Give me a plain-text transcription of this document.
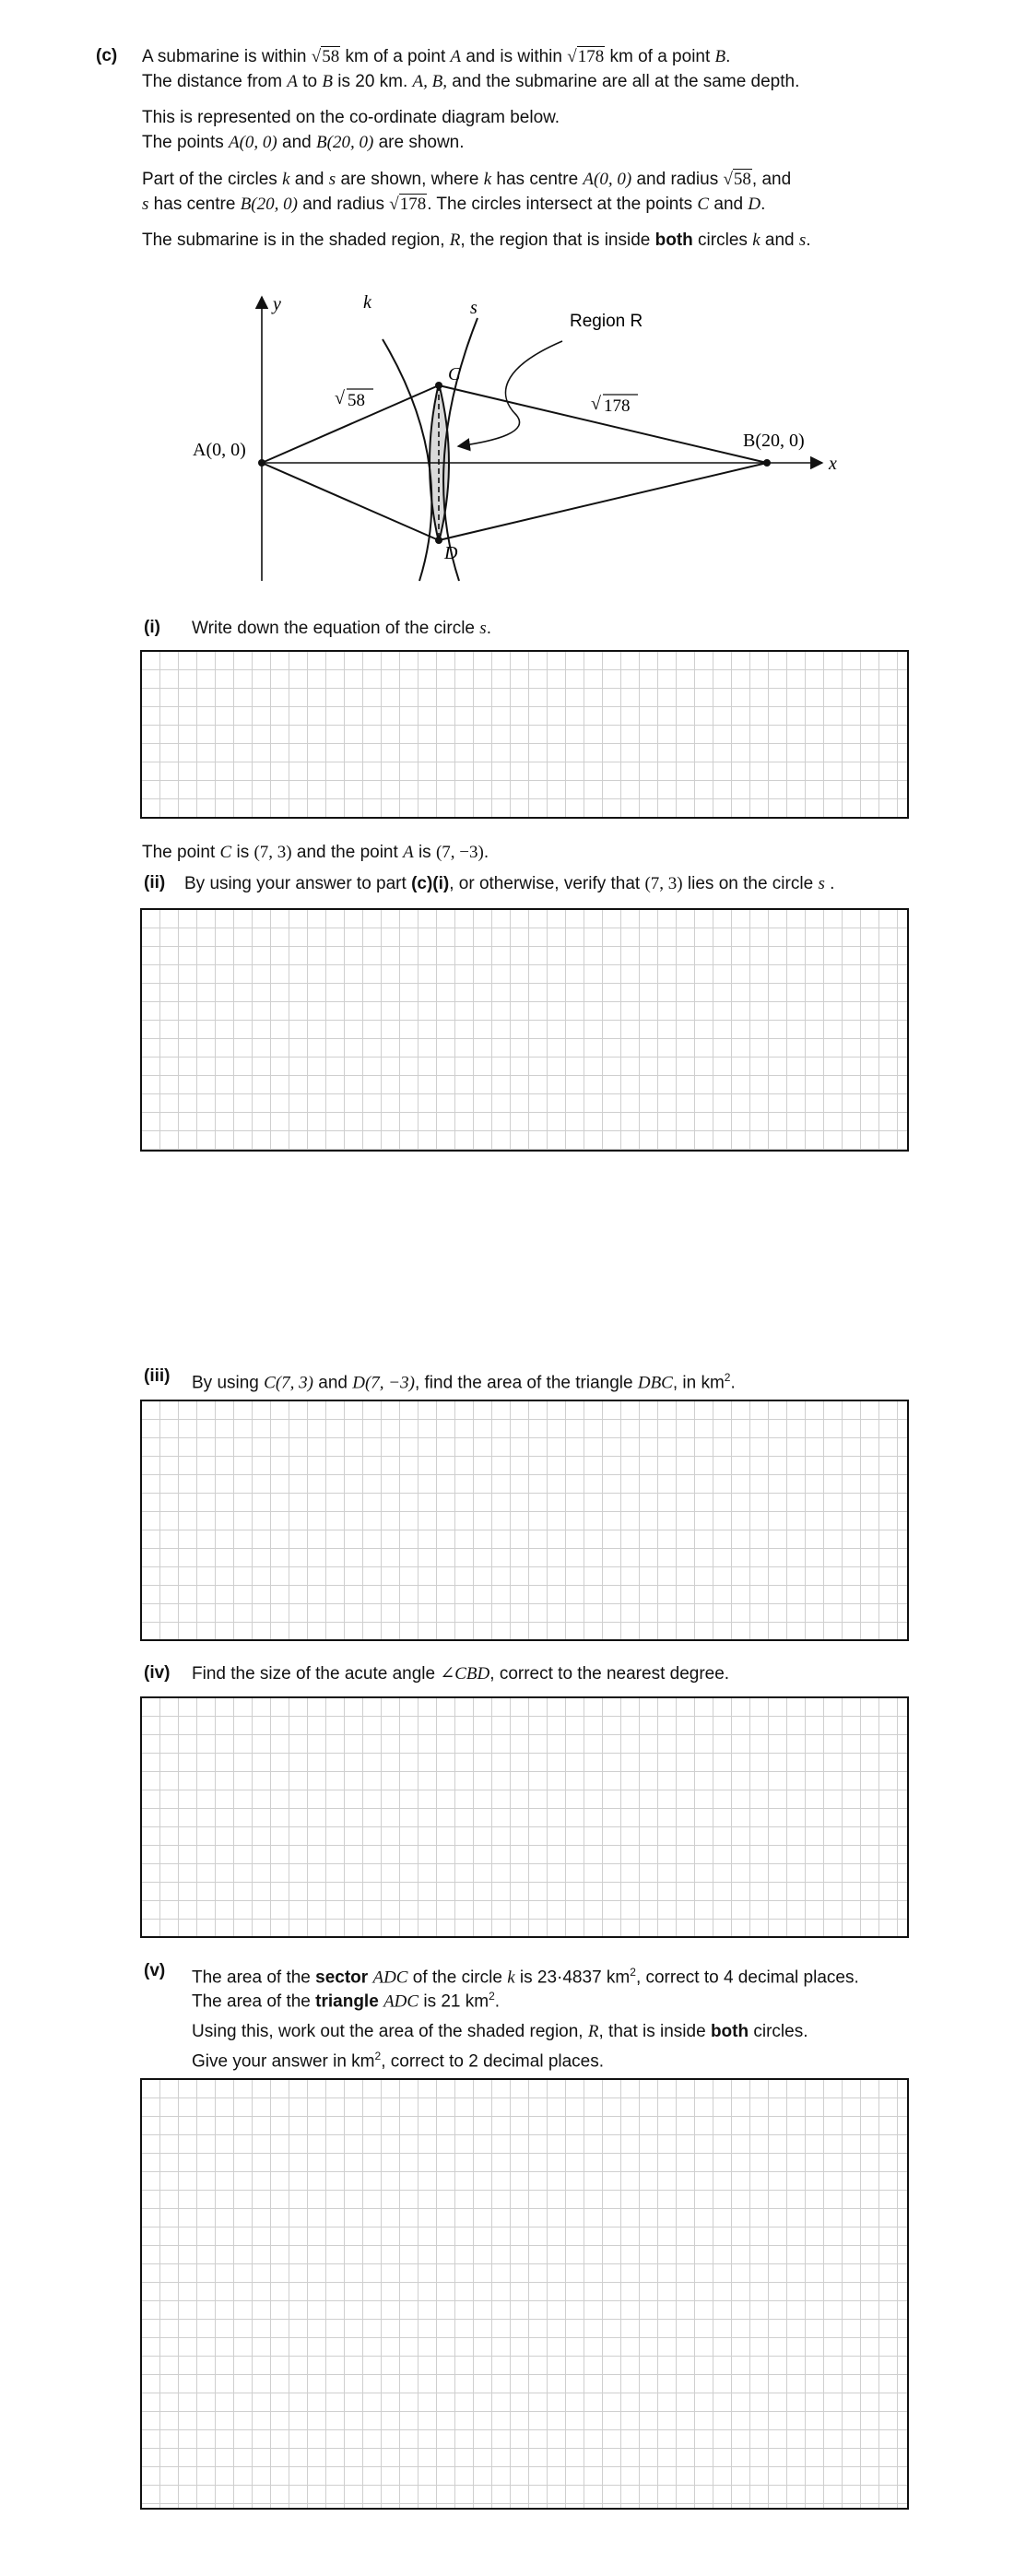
(c) A submarine is within √58 km of a point A and is within √178 km of a point B.
The distance from A to B is 20 km. A, B, and the submarine are all at the same depth.
This is represented on the co-ordinate diagram below.
The points A(0, 0) and B(20, 0) are shown.
Part of the circles k and s are shown, where k has centre A(0, 0) and radius √58, and
s has centre B(20, 0) and radius √178. The circles intersect at the points C and D.
The submarine is in the shaded region, R, the region that is inside both circles k and s.
√	√
y
x
k	s
C
D
A(0, 0)	B(20, 0)
Region R
58	178
(i) Write down the equation of the circle s.
The point C is (7, 3) and the point A is (7, −3).
(ii) By using your answer to part (c)(i), or otherwise, verify that (7, 3) lies on the circle s .
(iii) By using C(7, 3) and D(7, −3), find the area of the triangle DBC, in $km^2$.
(iv) Find the size of the acute angle ∠CBD, correct to the nearest degree.
(v) The area of the sector ADC of the circle k is 23·4837 $km^2$, correct to 4 decimal places.
The area of the triangle ADC is 21 $km^2$.
Using this, work out the area of the shaded region, R, that is inside both circles.
Give your answer in $km^2$, correct to 2 decimal places.
